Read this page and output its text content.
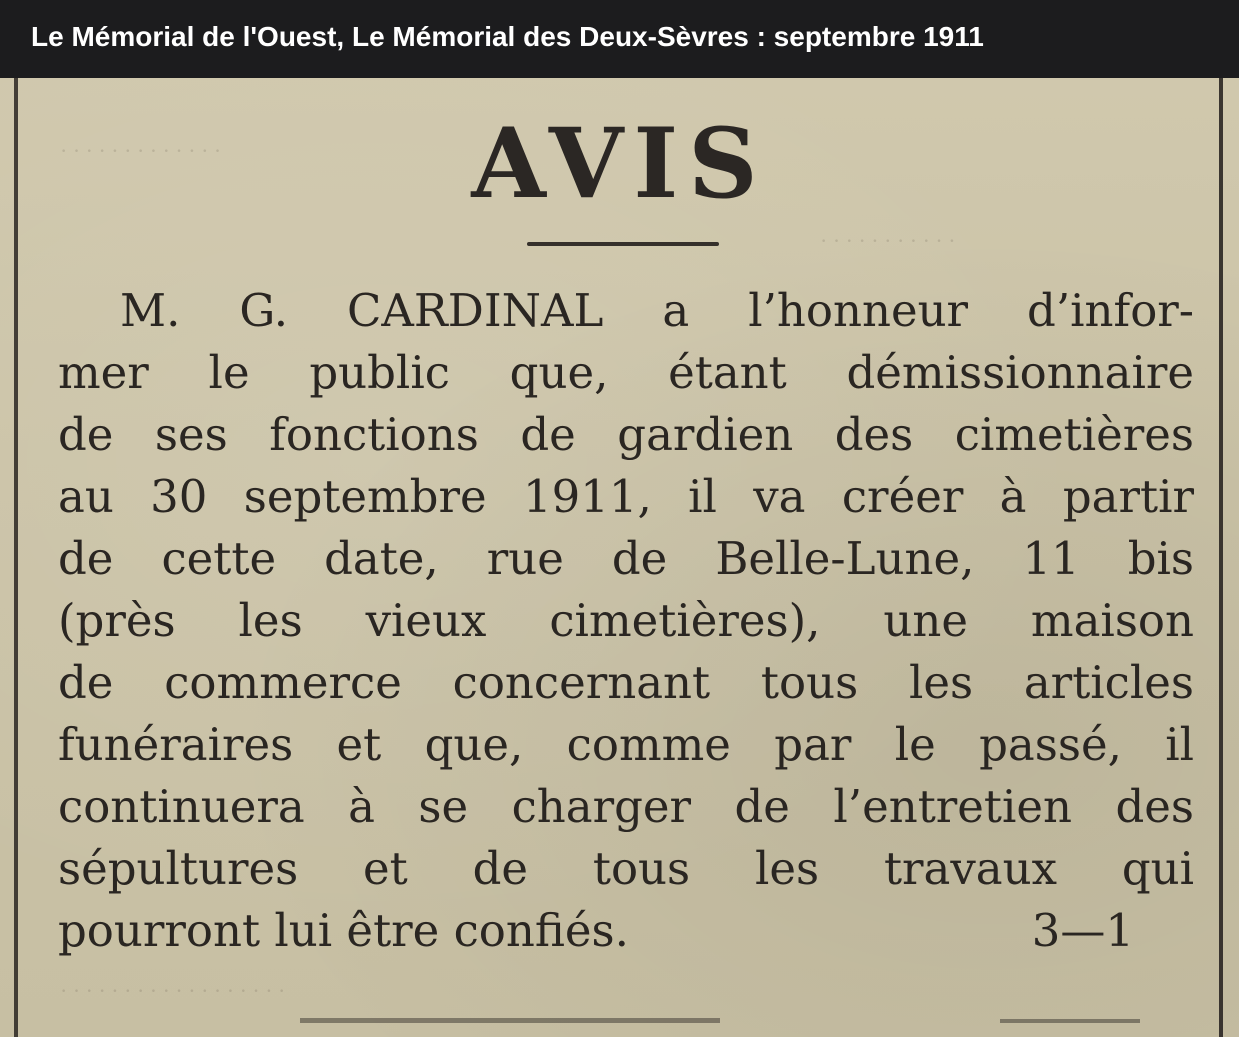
Le Mémorial de l'Ouest, Le Mémorial des Deux-Sèvres : septembre 1911
· · · · · · · · · · · · ·
· · · · · · · · · · ·
· · · · · · · · · · · · · · · · · ·
AVIS
M. G. CARDINAL a l’honneur d’infor-
mer le public que, étant démissionnaire
de ses fonctions de gardien des cimetières
au 30 septembre 1911, il va créer à partir
de cette date, rue de Belle-Lune, 11 bis
(près les vieux cimetières), une maison
de commerce concernant tous les articles
funéraires et que, comme par le passé, il
continuera à se charger de l’entretien des
sépultures et de tous les travaux qui
pourront lui être confiés.	3—1
